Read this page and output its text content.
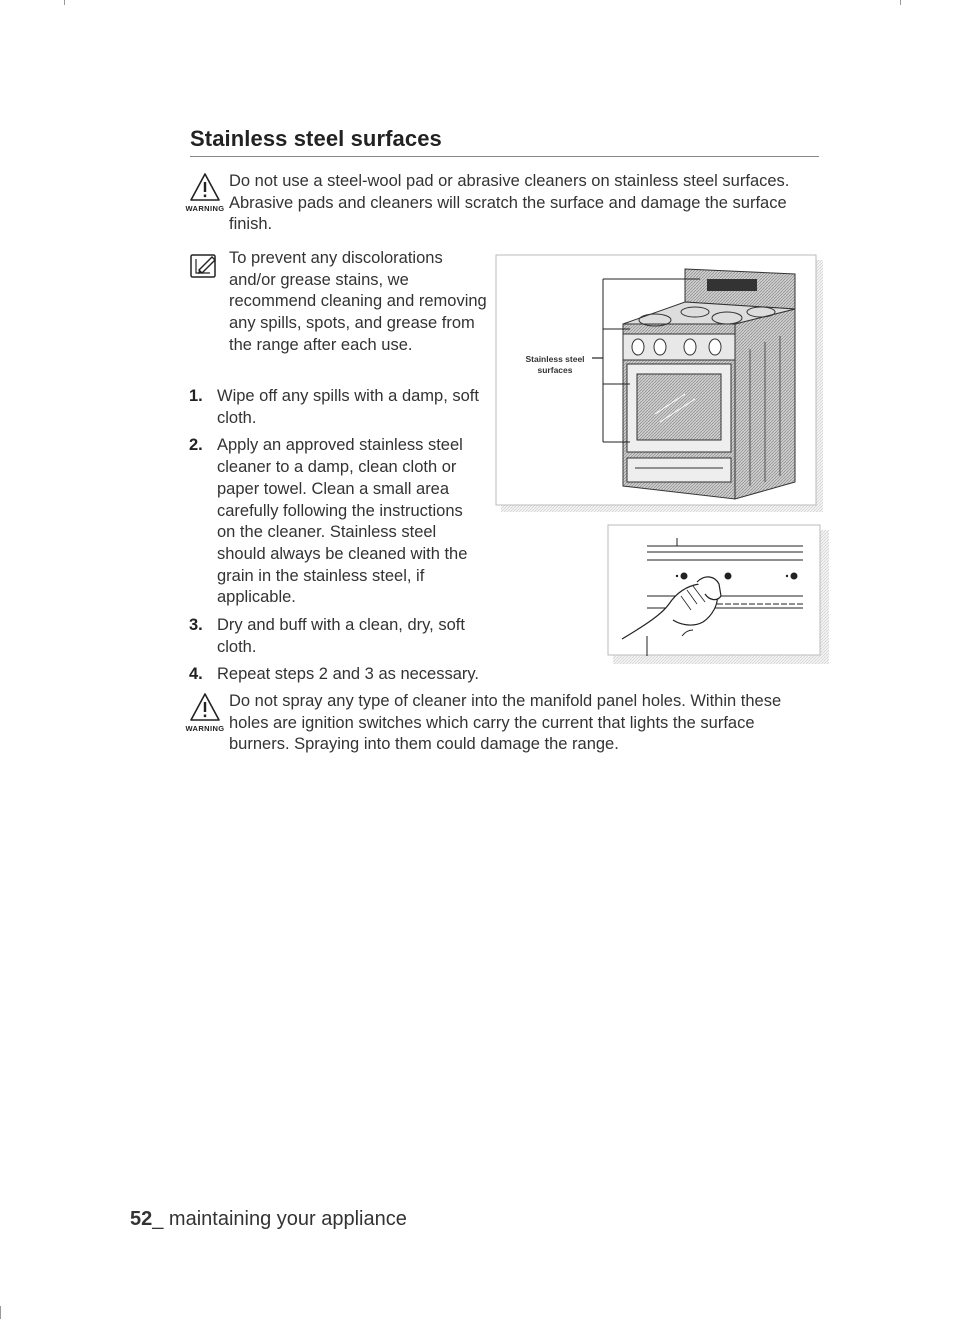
Stainless steel surfaces
WARNING

Do not use a steel-wool pad or abrasive cleaners on stainless steel surfaces. Abrasive pads and cleaners will scratch the surface and damage the surface finish.

To prevent any discolorations and/or grease stains, we recommend cleaning and removing any spills, spots, and grease from the range after each use.

1. Wipe off any spills with a damp, soft cloth.
2. Apply an approved stainless steel cleaner to a damp, clean cloth or paper towel. Clean a small area carefully following the instructions on the cleaner. Stainless steel should always be cleaned with the grain in the stainless steel, if applicable.
3. Dry and buff with a clean, dry, soft cloth.
4. Repeat steps 2 and 3 as necessary.
Stainless steel
surfaces
WARNING

Do not spray any type of cleaner into the manifold panel holes. Within these holes are ignition switches which carry the current that lights the surface burners. Spraying into them could damage the range.

52_ maintaining your appliance
